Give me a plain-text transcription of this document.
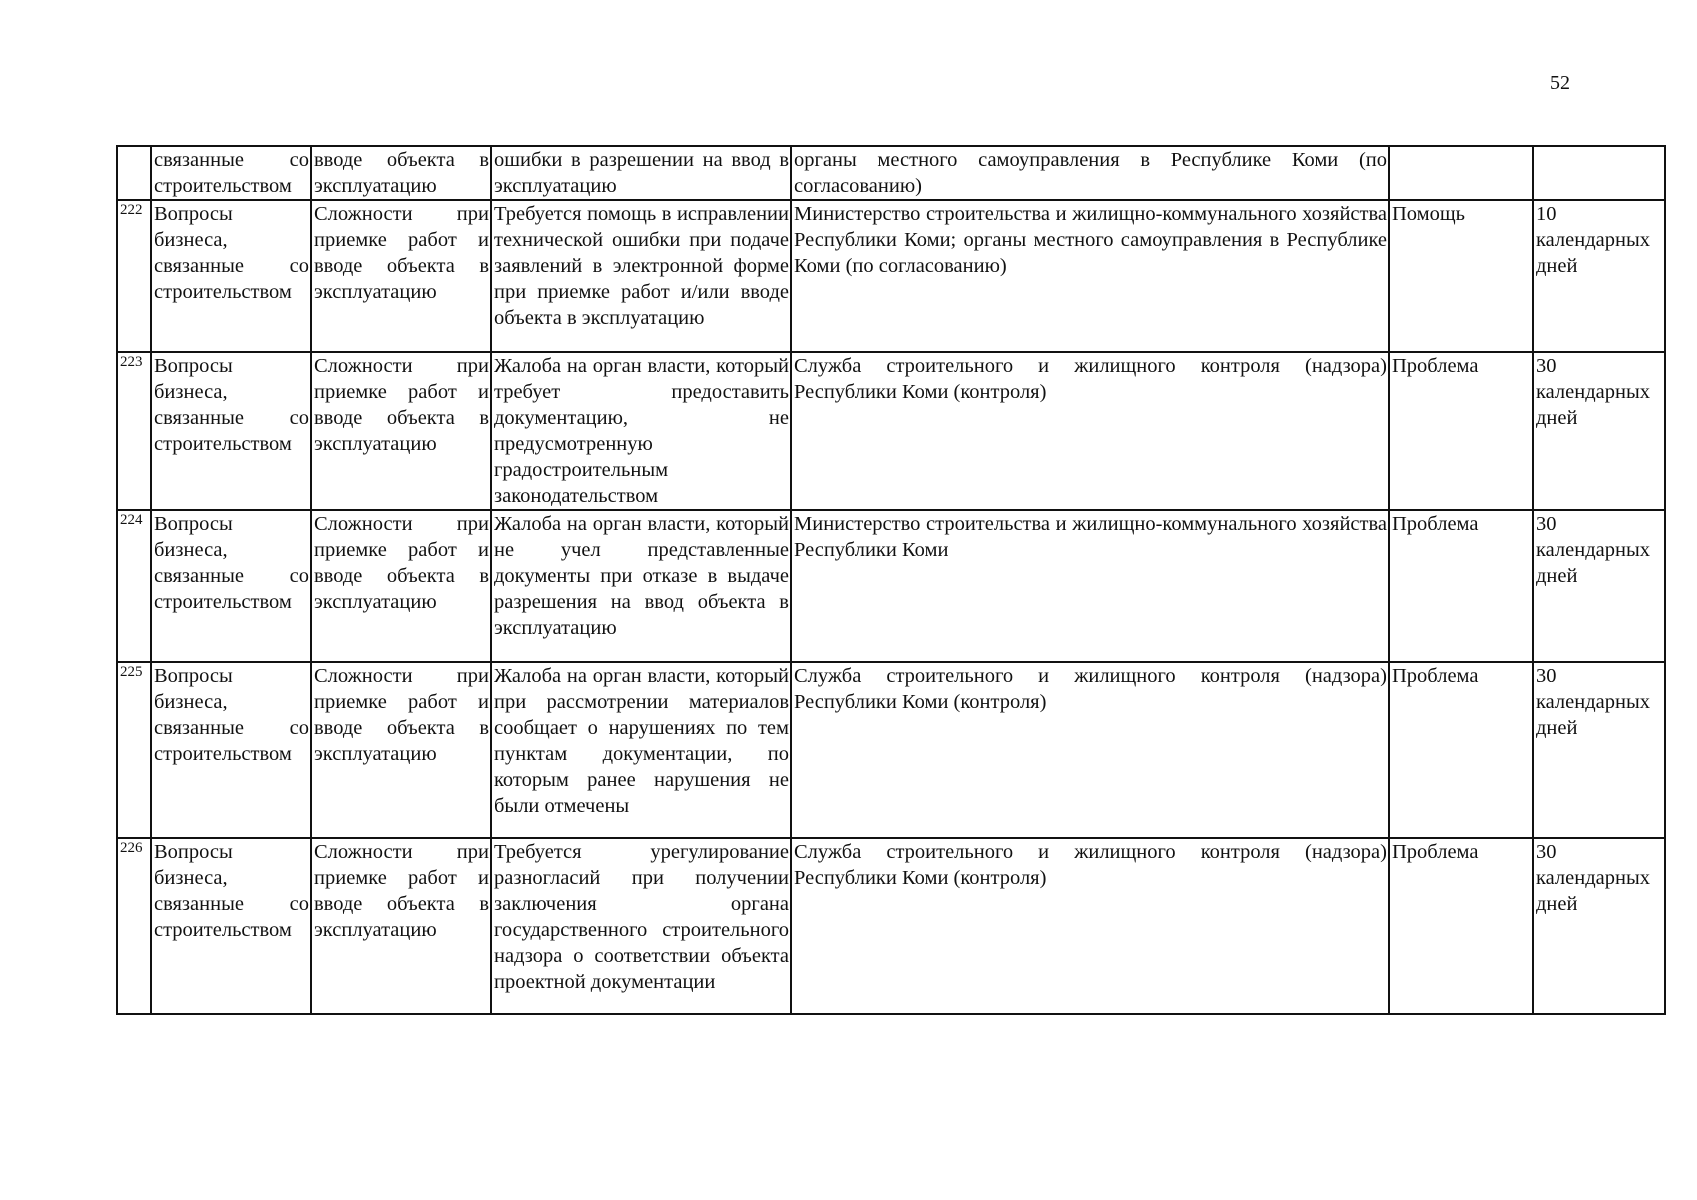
52
	связанные со строительством	вводе объекта в эксплуатацию	ошибки в разрешении на ввод в эксплуатацию	органы местного самоуправления в Республике Коми (по согласованию)		
222	Вопросы бизнеса, связанные со строительством	Сложности при приемке работ и вводе объекта в эксплуатацию	Требуется помощь в исправлении технической ошибки при подаче заявлений в электронной форме при приемке работ и/или вводе объекта в эксплуатацию	Министерство строительства и жилищно-коммунального хозяйства Республики Коми; органы местного самоуправления в Республике Коми (по согласованию)	Помощь	10 календарных дней
223	Вопросы бизнеса, связанные со строительством	Сложности при приемке работ и вводе объекта в эксплуатацию	Жалоба на орган власти, который требует предоставить документацию, не предусмотренную градостроительным законодательством	Служба строительного и жилищного контроля (надзора) Республики Коми (контроля)	Проблема	30 календарных дней
224	Вопросы бизнеса, связанные со строительством	Сложности при приемке работ и вводе объекта в эксплуатацию	Жалоба на орган власти, который не учел представленные документы при отказе в выдаче разрешения на ввод объекта в эксплуатацию	Министерство строительства и жилищно-коммунального хозяйства Республики Коми	Проблема	30 календарных дней
225	Вопросы бизнеса, связанные со строительством	Сложности при приемке работ и вводе объекта в эксплуатацию	Жалоба на орган власти, который при рассмотрении материалов сообщает о нарушениях по тем пунктам документации, по которым ранее нарушения не были отмечены	Служба строительного и жилищного контроля (надзора) Республики Коми (контроля)	Проблема	30 календарных дней
226	Вопросы бизнеса, связанные со строительством	Сложности при приемке работ и вводе объекта в эксплуатацию	Требуется урегулирование разногласий при получении заключения органа государственного строительного надзора о соответствии объекта проектной документации	Служба строительного и жилищного контроля (надзора) Республики Коми (контроля)	Проблема	30 календарных дней
